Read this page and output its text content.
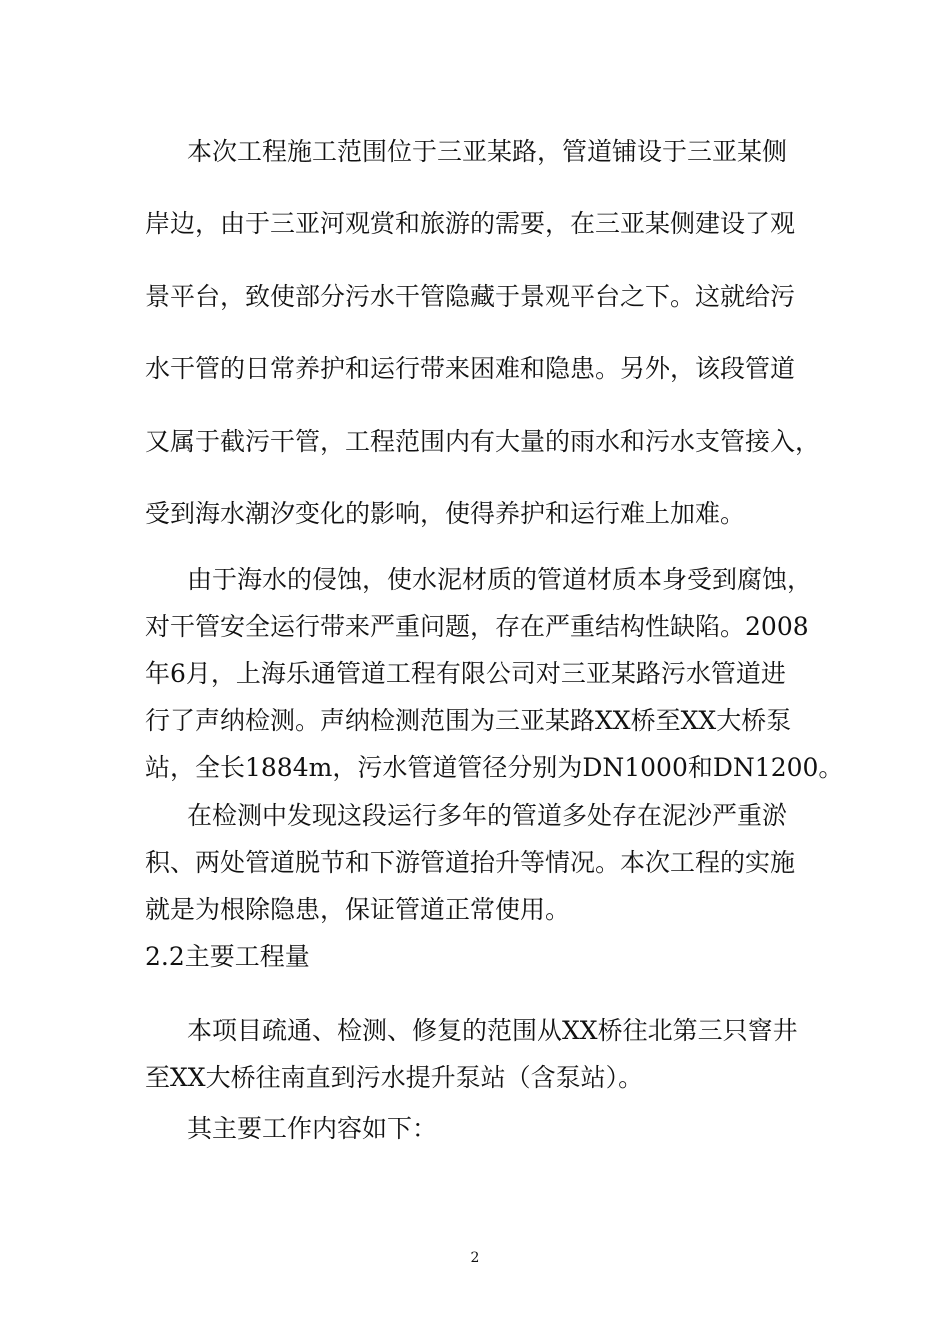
本次工程施工范围位于三亚某路，管道铺设于三亚某侧

岸边，由于三亚河观赏和旅游的需要，在三亚某侧建设了观

景平台，致使部分污水干管隐藏于景观平台之下。这就给污

水干管的日常养护和运行带来困难和隐患。另外，该段管道

又属于截污干管，工程范围内有大量的雨水和污水支管接入，

受到海水潮汐变化的影响，使得养护和运行难上加难。

由于海水的侵蚀，使水泥材质的管道材质本身受到腐蚀，

对干管安全运行带来严重问题，存在严重结构性缺陷。2008

年6月，上海乐通管道工程有限公司对三亚某路污水管道进

行了声纳检测。声纳检测范围为三亚某路XX桥至XX大桥泵

站，全长1884m，污水管道管径分别为DN1000和DN1200。

在检测中发现这段运行多年的管道多处存在泥沙严重淤

积、两处管道脱节和下游管道抬升等情况。本次工程的实施

就是为根除隐患，保证管道正常使用。

2.2主要工程量

本项目疏通、检测、修复的范围从XX桥往北第三只窨井

至XX大桥往南直到污水提升泵站（含泵站）。

其主要工作内容如下：

2
